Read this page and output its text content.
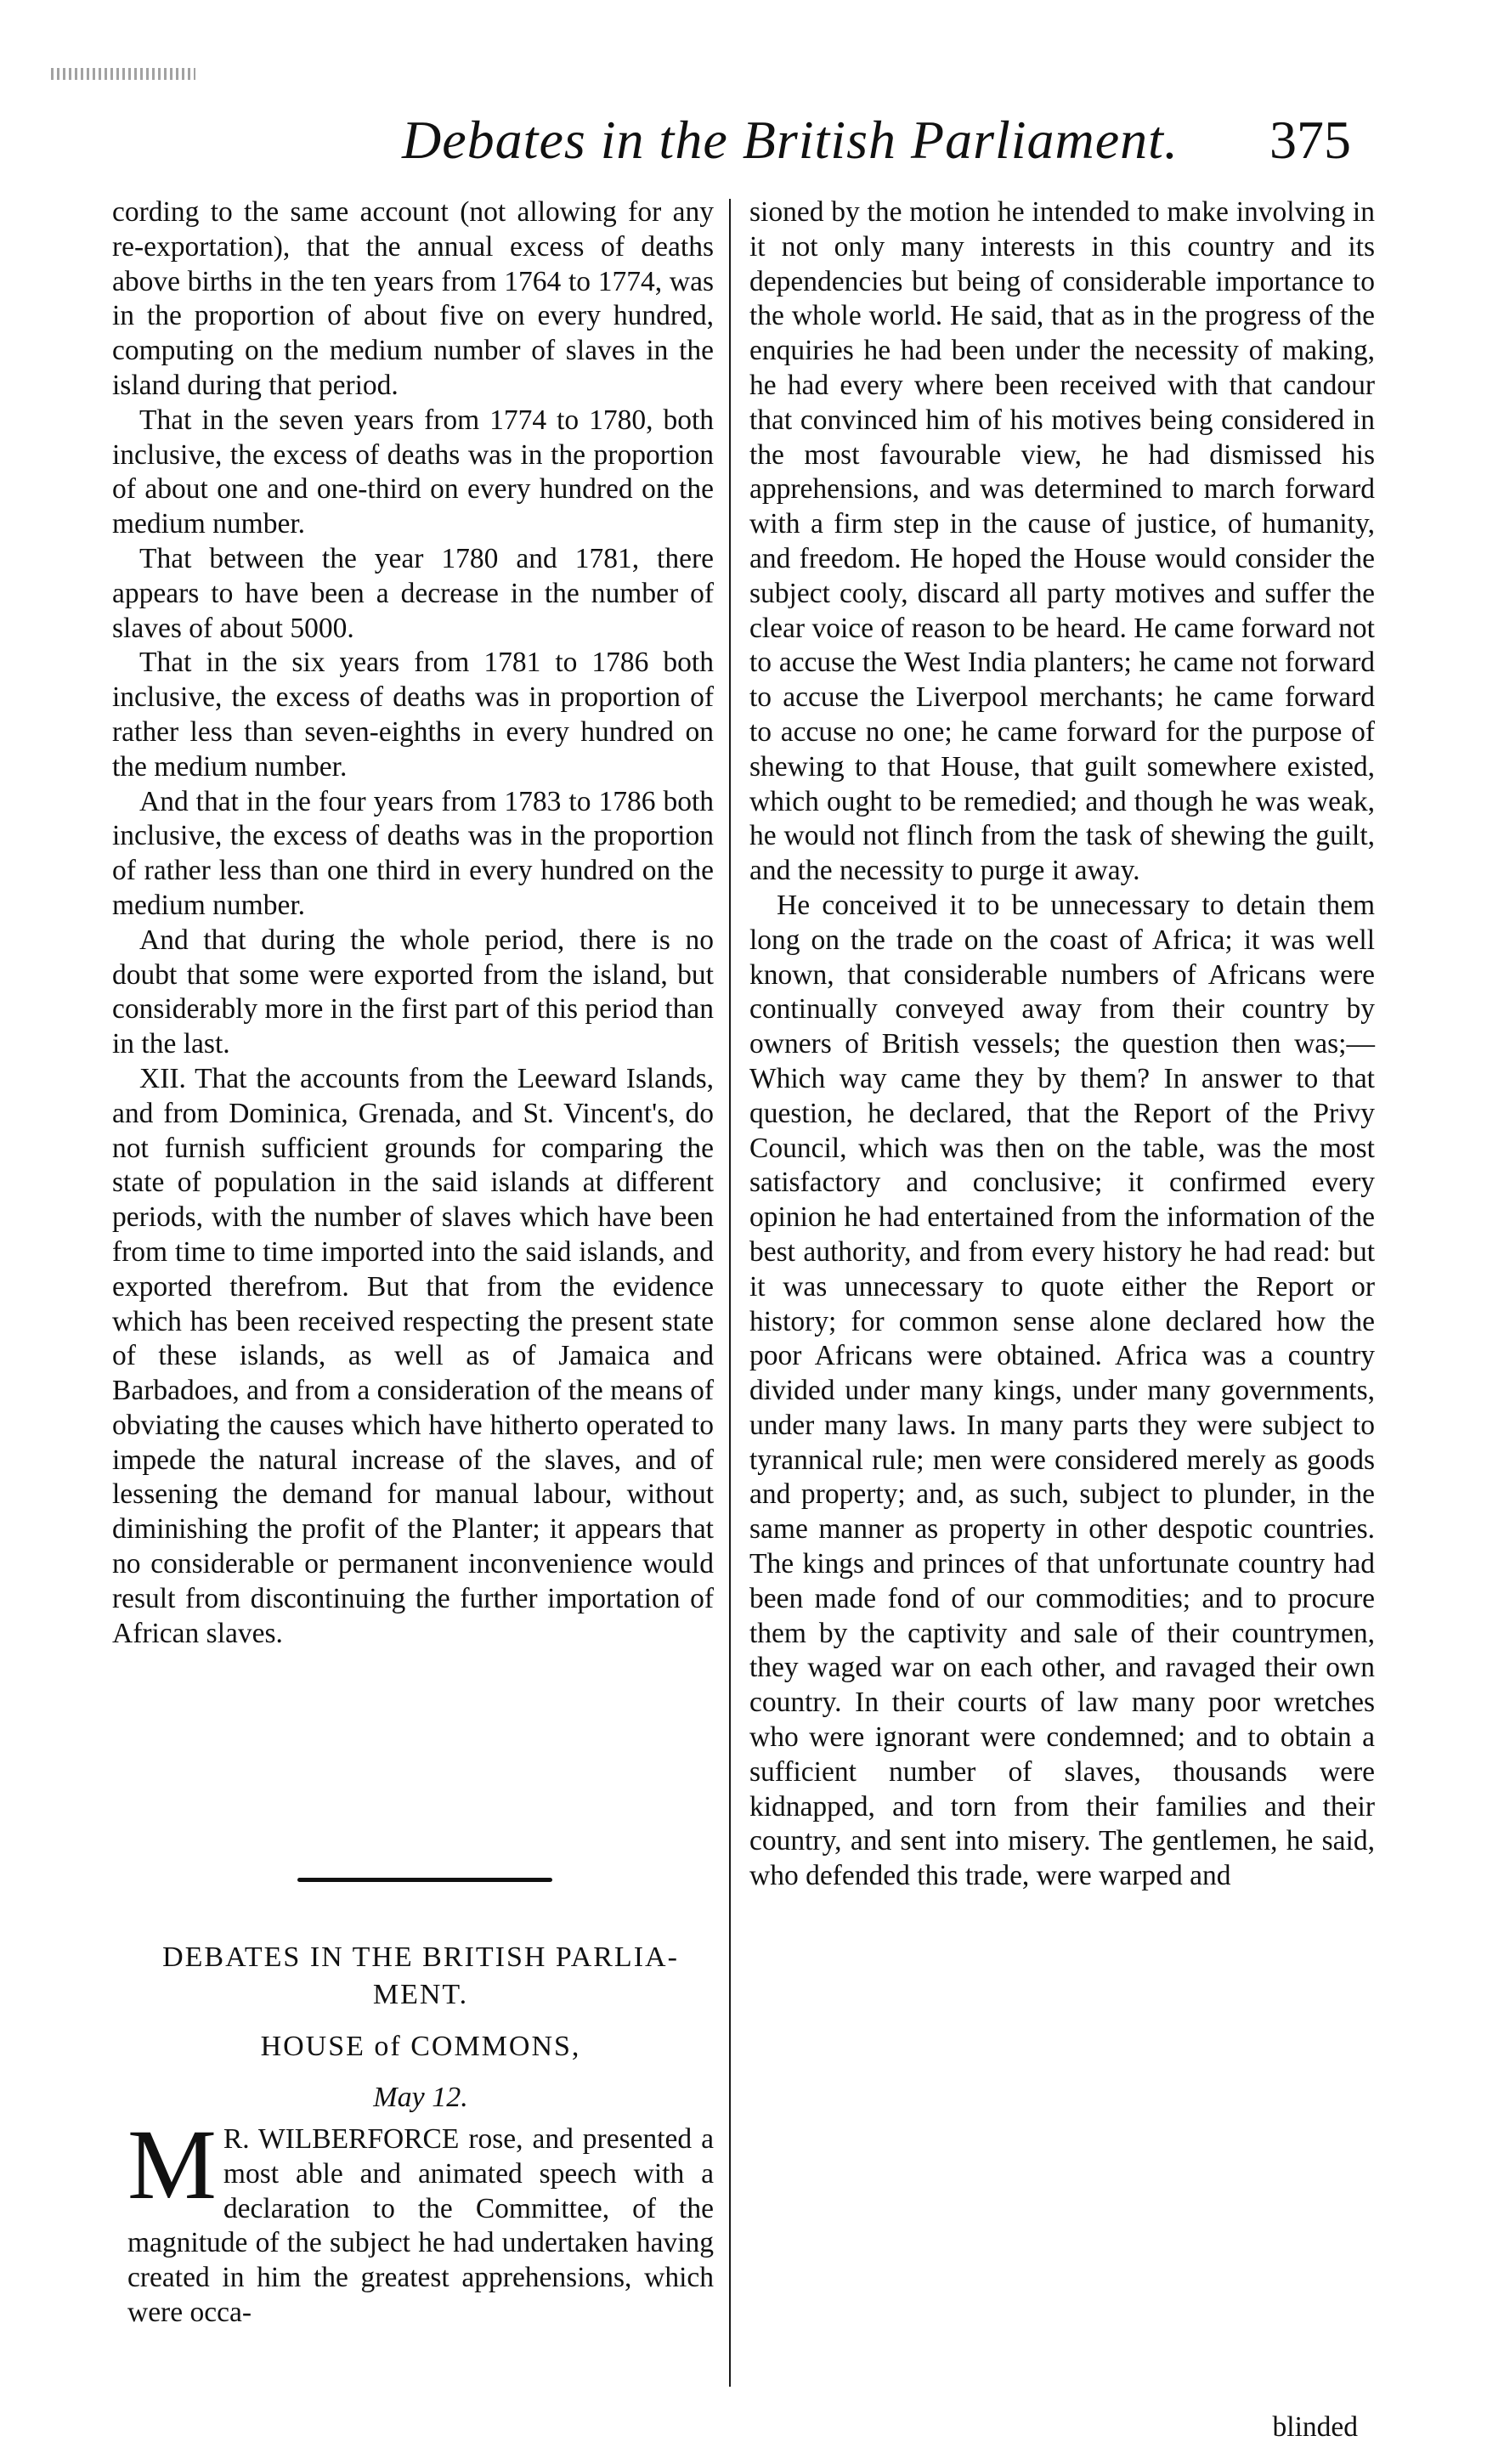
Debates in the British Parliament.	375

cording to the same account (not allowing for any re-exportation), that the annual excess of deaths above births in the ten years from 1764 to 1774, was in the proportion of about five on every hundred, computing on the medium number of slaves in the island during that period.

That in the seven years from 1774 to 1780, both inclusive, the excess of deaths was in the proportion of about one and one-third on every hundred on the medium number.

That between the year 1780 and 1781, there appears to have been a decrease in the number of slaves of about 5000.

That in the six years from 1781 to 1786 both inclusive, the excess of deaths was in proportion of rather less than seven-eighths in every hundred on the medium number.

And that in the four years from 1783 to 1786 both inclusive, the excess of deaths was in the proportion of rather less than one third in every hundred on the medium number.

And that during the whole period, there is no doubt that some were exported from the island, but considerably more in the first part of this period than in the last.

XII. That the accounts from the Leeward Islands, and from Dominica, Grenada, and St. Vincent's, do not furnish sufficient grounds for comparing the state of population in the said islands at different periods, with the number of slaves which have been from time to time imported into the said islands, and exported therefrom. But that from the evidence which has been received respecting the present state of these islands, as well as of Jamaica and Barbadoes, and from a consideration of the means of obviating the causes which have hitherto operated to impede the natural increase of the slaves, and of lessening the demand for manual labour, without diminishing the profit of the Planter; it appears that no considerable or permanent inconvenience would result from discontinuing the further importation of African slaves.

DEBATES IN THE BRITISH PARLIA-
MENT.
HOUSE of COMMONS,
May 12.

M R. WILBERFORCE rose, and presented a most able and animated speech with a declaration to the Committee, of the magnitude of the subject he had undertaken having created in him the greatest apprehensions, which were occa-

sioned by the motion he intended to make involving in it not only many interests in this country and its dependencies but being of considerable importance to the whole world. He said, that as in the progress of the enquiries he had been under the necessity of making, he had every where been received with that candour that convinced him of his motives being considered in the most favourable view, he had dismissed his apprehensions, and was determined to march forward with a firm step in the cause of justice, of humanity, and freedom. He hoped the House would consider the subject cooly, discard all party motives and suffer the clear voice of reason to be heard. He came forward not to accuse the West India planters; he came not forward to accuse the Liverpool merchants; he came forward to accuse no one; he came forward for the purpose of shewing to that House, that guilt somewhere existed, which ought to be remedied; and though he was weak, he would not flinch from the task of shewing the guilt, and the necessity to purge it away.

He conceived it to be unnecessary to detain them long on the trade on the coast of Africa; it was well known, that considerable numbers of Africans were continually conveyed away from their country by owners of British vessels; the question then was;—Which way came they by them? In answer to that question, he declared, that the Report of the Privy Council, which was then on the table, was the most satisfactory and conclusive; it confirmed every opinion he had entertained from the information of the best authority, and from every history he had read: but it was unnecessary to quote either the Report or history; for common sense alone declared how the poor Africans were obtained. Africa was a country divided under many kings, under many governments, under many laws. In many parts they were subject to tyrannical rule; men were considered merely as goods and property; and, as such, subject to plunder, in the same manner as property in other despotic countries. The kings and princes of that unfortunate country had been made fond of our commodities; and to procure them by the captivity and sale of their countrymen, they waged war on each other, and ravaged their own country. In their courts of law many poor wretches who were ignorant were condemned; and to obtain a sufficient number of slaves, thousands were kidnapped, and torn from their families and their country, and sent into misery. The gentlemen, he said, who defended this trade, were warped and

blinded
